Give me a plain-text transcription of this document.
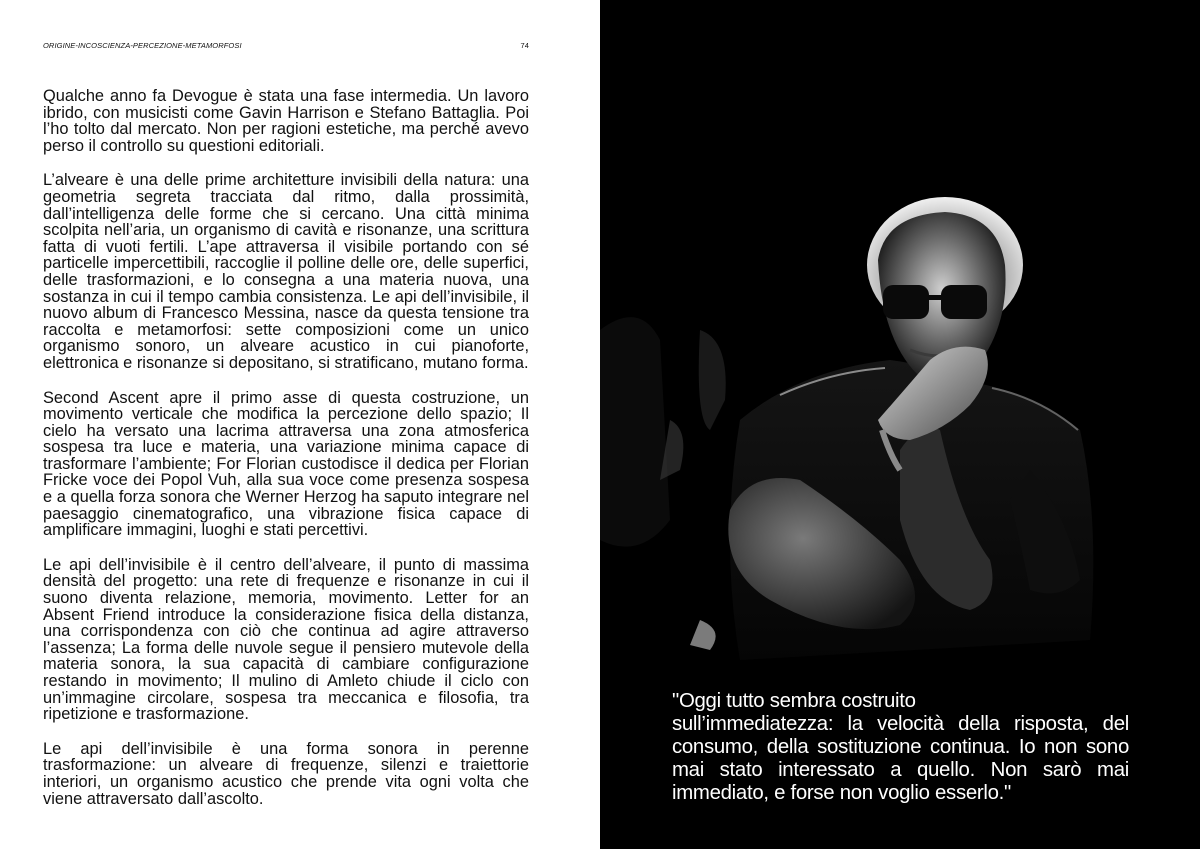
ORIGINE-INCOSCIENZA-PERCEZIONE-METAMORFOSI	74

Qualche anno fa Devogue è stata una fase intermedia. Un lavoro ibrido, con musicisti come Gavin Harrison e Stefano Battaglia. Poi l’ho tolto dal mercato. Non per ragioni estetiche, ma perché avevo perso il controllo su questioni editoriali.

L’alveare è una delle prime architetture invisibili della natura: una geometria segreta tracciata dal ritmo, dalla prossimità, dall’intelligenza delle forme che si cercano. Una città minima scolpita nell’aria, un organismo di cavità e risonanze, una scrittura fatta di vuoti fertili. L’ape attraversa il visibile portando con sé particelle impercettibili, raccoglie il polline delle ore, delle superfici, delle trasformazioni, e lo consegna a una materia nuova, una sostanza in cui il tempo cambia consistenza. Le api dell’invisibile, il nuovo album di Francesco Messina, nasce da questa tensione tra raccolta e metamorfosi: sette composizioni come un unico organismo sonoro, un alveare acustico in cui pianoforte, elettronica e risonanze si depositano, si stratificano, mutano forma.

Second Ascent apre il primo asse di questa costruzione, un movimento verticale che modifica la percezione dello spazio; Il cielo ha versato una lacrima attraversa una zona atmosferica sospesa tra luce e materia, una variazione minima capace di trasformare l’ambiente; For Florian custodisce il dedica per Florian Fricke voce dei Popol Vuh, alla sua voce come presenza sospesa e a quella forza sonora che Werner Herzog ha saputo integrare nel paesaggio cinematografico, una vibrazione fisica capace di amplificare immagini, luoghi e stati percettivi.

Le api dell’invisibile è il centro dell’alveare, il punto di massima densità del progetto: una rete di frequenze e risonanze in cui il suono diventa relazione, memoria, movimento. Letter for an Absent Friend introduce la considerazione fisica della distanza, una corrispondenza con ciò che continua ad agire attraverso l’assenza; La forma delle nuvole segue il pensiero mutevole della materia sonora, la sua capacità di cambiare configurazione restando in movimento; Il mulino di Amleto chiude il ciclo con un’immagine circolare, sospesa tra meccanica e filosofia, tra ripetizione e trasformazione.

Le api dell’invisibile è una forma sonora in perenne trasformazione: un alveare di frequenze, silenzi e traiettorie interiori, un organismo acustico che prende vita ogni volta che viene attraversato dall’ascolto.

"Oggi tutto sembra costruito
sull’immediatezza: la velocità della risposta, del consumo, della sostituzione continua. Io non sono mai stato interessato a quello. Non sarò mai immediato, e forse non voglio esserlo."
